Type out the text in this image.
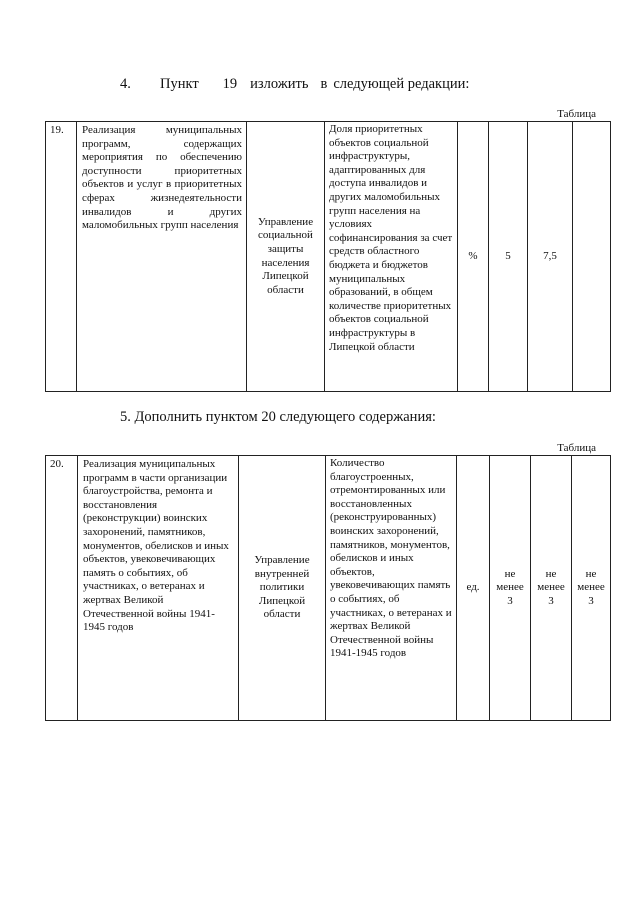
4. Пункт 19 изложить в следующей редакции:
Таблица
19.	Реализация муниципальных программ, содержащих мероприятия по обеспечению доступности приоритетных объектов и услуг в приоритетных сферах жизнедеятельности инвалидов и других маломобильных групп населения	Управление социальной защиты населения Липецкой области	Доля приоритетных объектов социальной инфраструктуры, адаптированных для доступа инвалидов и других маломобильных групп населения на условиях софинансирования за счет средств областного бюджета и бюджетов муниципальных образований, в общем количестве приоритетных объектов социальной инфраструктуры в Липецкой области	%	5	7,5	
5. Дополнить пунктом 20 следующего содержания:
Таблица
20.	Реализация муниципальных программ в части организации благоустройства, ремонта и восстановления (реконструкции) воинских захоронений, памятников, монументов, обелисков и иных объектов, увековечивающих память о событиях, об участниках, о ветеранах и жертвах Великой Отечественной войны 1941-1945 годов	Управление внутренней политики Липецкой области	Количество благоустроенных, отремонтированных или восстановленных (реконструированных) воинских захоронений, памятников, монументов, обелисков и иных объектов, увековечивающих память о событиях, об участниках, о ветеранах и жертвах Великой Отечественной войны 1941-1945 годов	ед.	не менее 3	не менее 3	не менее 3
